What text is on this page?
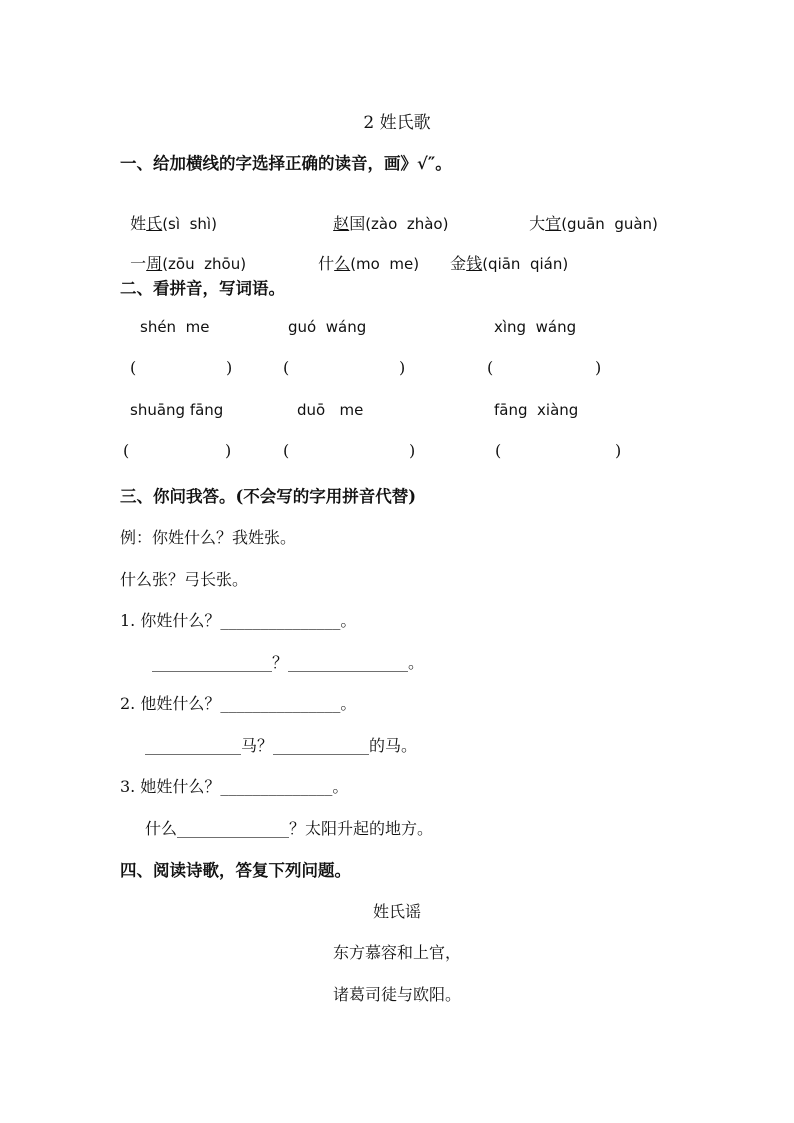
2 姓氏歌
一、给加横线的字选择正确的读音，画》√″。

姓氏(sì  shì)	赵国(zào  zhào)	大官(guān  guàn)

一周(zōu  zhōu)	什么(mo  me)	金钱(qiān  qián)

二、看拼音，写词语。
shén  me	guó  wáng	xìng  wáng
(	)	(	)	(	)
shuāng fāng	duō   me	fāng  xiàng
(	)	(	)	(	)
三、你问我答。(不会写的字用拼音代替)
例：你姓什么？我姓张。
什么张？弓长张。
1. 你姓什么？_______________。
_______________？_______________。
2. 他姓什么？_______________。
____________马？____________的马。
3. 她姓什么？______________。
什么______________？太阳升起的地方。
四、阅读诗歌，答复下列问题。
姓氏谣
东方慕容和上官，
诸葛司徒与欧阳。
